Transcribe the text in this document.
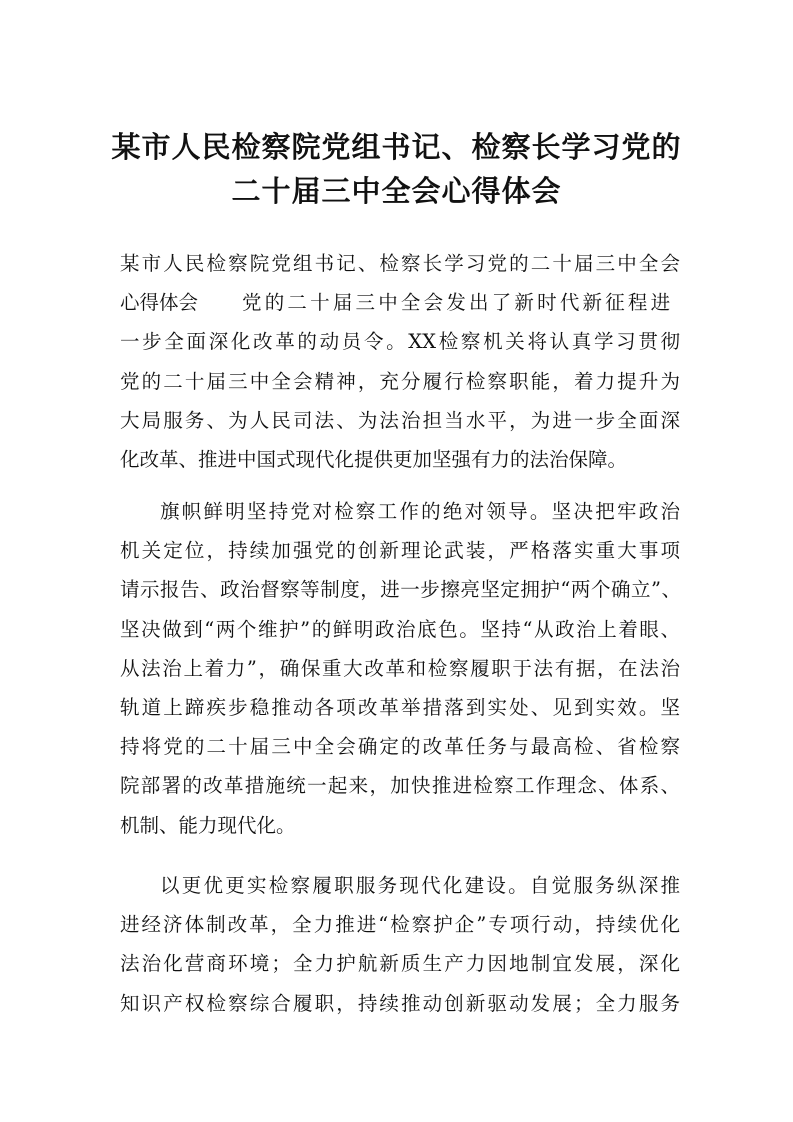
某市人民检察院党组书记、检察长学习党的
二十届三中全会心得体会
某市人民检察院党组书记、检察长学习党的二十届三中全会
心得体会 党的二十届三中全会发出了新时代新征程进
一步全面深化改革的动员令。XX检察机关将认真学习贯彻
党的二十届三中全会精神，充分履行检察职能，着力提升为
大局服务、为人民司法、为法治担当水平，为进一步全面深
化改革、推进中国式现代化提供更加坚强有力的法治保障。
旗帜鲜明坚持党对检察工作的绝对领导。坚决把牢政治
机关定位，持续加强党的创新理论武装，严格落实重大事项
请示报告、政治督察等制度，进一步擦亮坚定拥护“两个确立”、
坚决做到“两个维护”的鲜明政治底色。坚持“从政治上着眼、
从法治上着力”，确保重大改革和检察履职于法有据，在法治
轨道上蹄疾步稳推动各项改革举措落到实处、见到实效。坚
持将党的二十届三中全会确定的改革任务与最高检、省检察
院部署的改革措施统一起来，加快推进检察工作理念、体系、
机制、能力现代化。
以更优更实检察履职服务现代化建设。自觉服务纵深推
进经济体制改革，全力推进“检察护企”专项行动，持续优化
法治化营商环境；全力护航新质生产力因地制宜发展，深化
知识产权检察综合履职，持续推动创新驱动发展；全力服务
